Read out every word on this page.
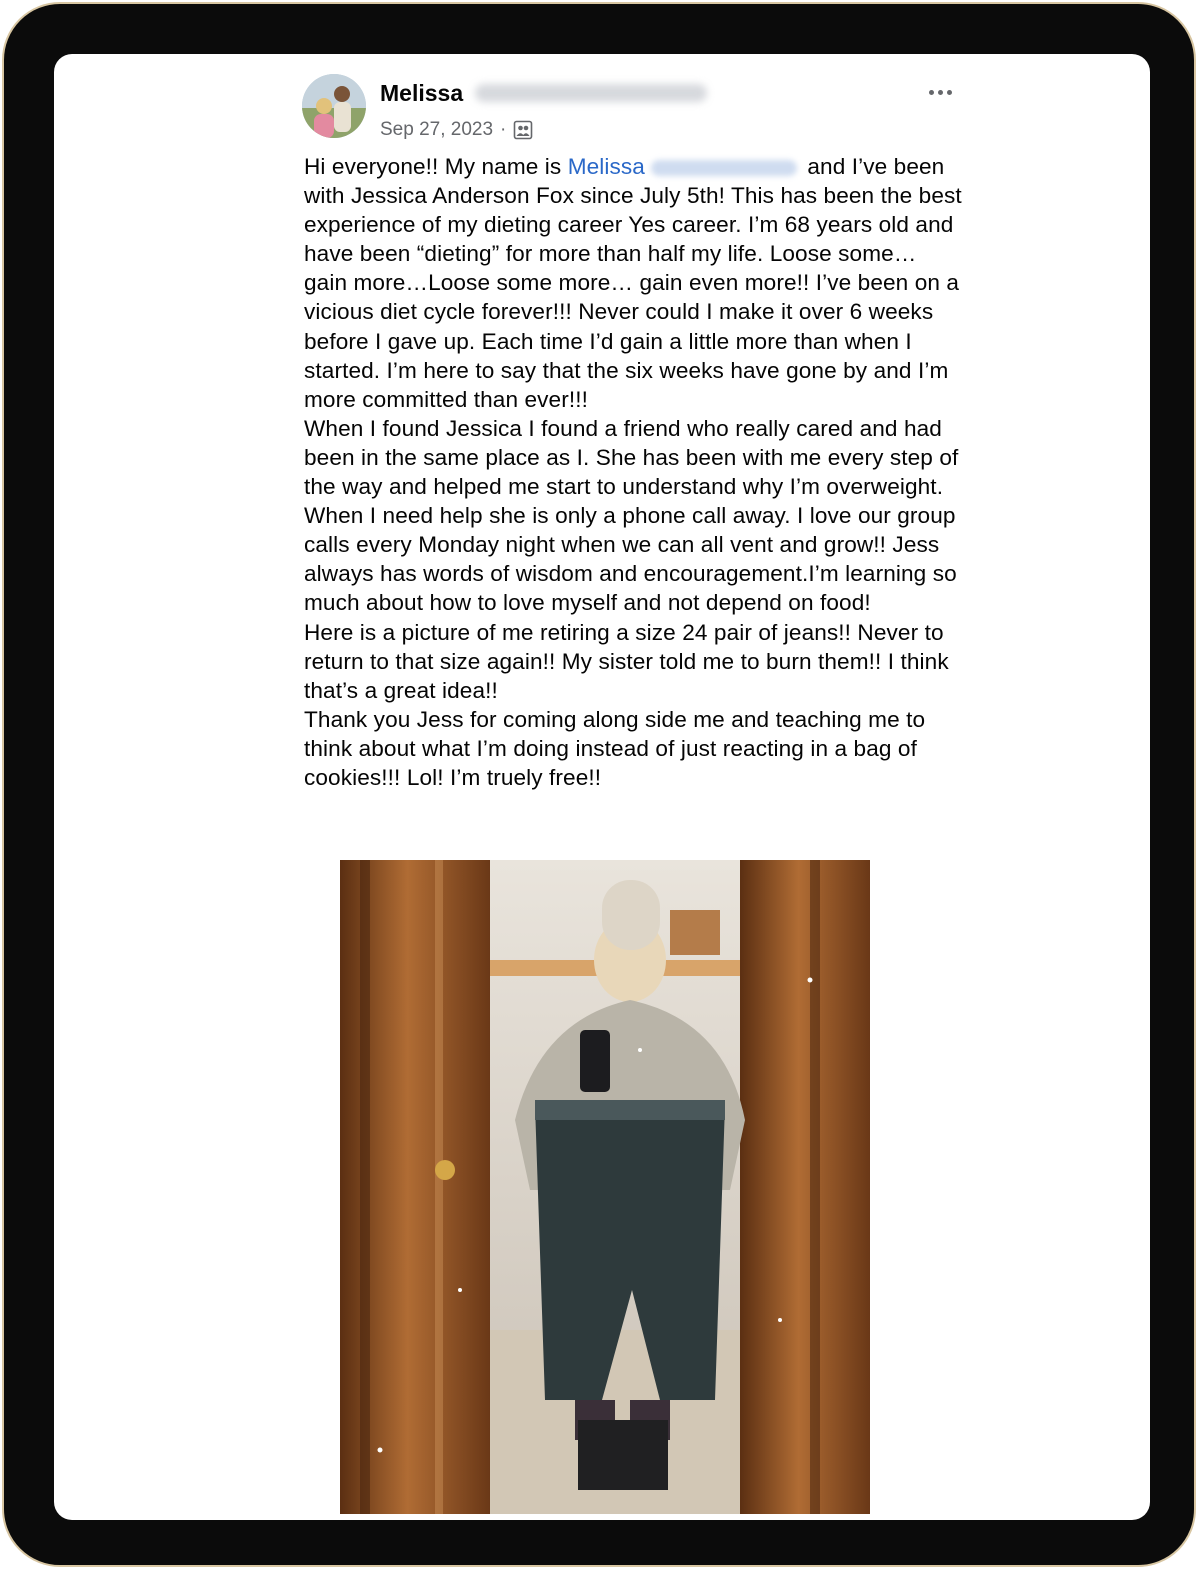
Melissa
Sep 27, 2023 ·

Hi everyone!! My name is Melissa	and I’ve been with Jessica Anderson Fox since July 5th! This has been the best experience of my dieting career Yes career. I’m 68 years old and have been “dieting” for more than half my life. Loose some… gain more…Loose some more… gain even more!! I’ve been on a vicious diet cycle forever!!! Never could I make it over 6 weeks before I gave up. Each time I’d gain a little more than when I started. I’m here to say that the six weeks have gone by and I’m more committed than ever!!!

When I found Jessica I found a friend who really cared and had been in the same place as I. She has been with me every step of the way and helped me start to understand why I’m overweight. When I need help she is only a phone call away. I love our group calls every Monday night when we can all vent and grow!! Jess always has words of wisdom and encouragement.I’m learning so much about how to love myself and not depend on food!

Here is a picture of me retiring a size 24 pair of jeans!! Never to return to that size again!! My sister told me to burn them!! I think that’s a great idea!!

Thank you Jess for coming along side me and teaching me to think about what I’m doing instead of just reacting in a bag of cookies!!! Lol! I’m truely free!!
